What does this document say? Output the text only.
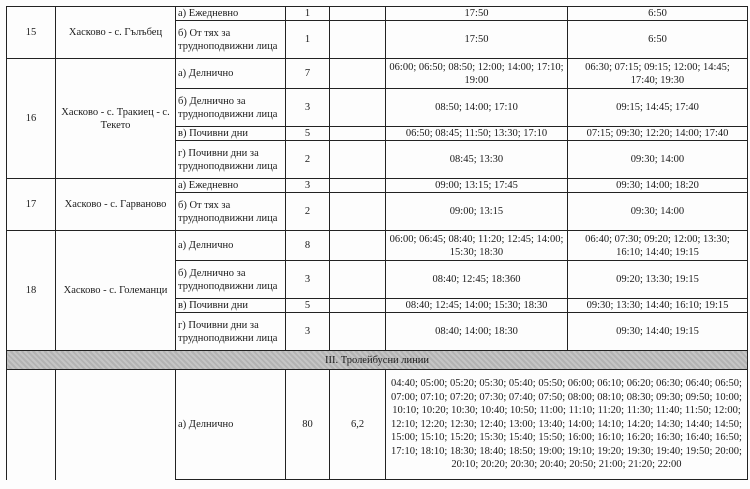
15	Хасково - с. Гълъбец	а) Ежедневно	1		17:50	6:50
		б) От тях за трудноподвижни лица	1		17:50	6:50
16	Хасково - с. Тракиец - с. Текето	а) Делнично	7		06:00; 06:50; 08:50; 12:00; 14:00; 17:10; 19:00	06:30; 07:15; 09:15; 12:00; 14:45; 17:40; 19:30
		б) Делнично за трудноподвижни лица	3		08:50; 14:00; 17:10	09:15; 14:45; 17:40
		в) Почивни дни	5		06:50; 08:45; 11:50; 13:30; 17:10	07:15; 09:30; 12:20; 14:00; 17:40
		г) Почивни дни за трудноподвижни лица	2		08:45; 13:30	09:30; 14:00
17	Хасково - с. Гарваново	а) Ежедневно	3		09:00; 13:15; 17:45	09:30; 14:00; 18:20
		б) От тях за трудноподвижни лица	2		09:00; 13:15	09:30; 14:00
18	Хасково - с. Големанци	а) Делнично	8		06:00; 06:45; 08:40; 11:20; 12:45; 14:00; 15:30; 18:30	06:40; 07:30; 09:20; 12:00; 13:30; 16:10; 14:40; 19:15
		б) Делнично за трудноподвижни лица	3		08:40; 12:45; 18:360	09:20; 13:30; 19:15
		в) Почивни дни	5		08:40; 12:45; 14:00; 15:30; 18:30	09:30; 13:30; 14:40; 16:10; 19:15
		г) Почивни дни за трудноподвижни лица	3		08:40; 14:00; 18:30	09:30; 14:40; 19:15
III. Тролейбусни линии						
		а) Делнично	80	6,2	04:40; 05:00; 05:20; 05:30; 05:40; 05:50; 06:00; 06:10; 06:20; 06:30; 06:40; 06:50; 07:00; 07:10; 07:20; 07:30; 07:40; 07:50; 08:00; 08:10; 08:30; 09:30; 09:50; 10:00; 10:10; 10:20; 10:30; 10:40; 10:50; 11:00; 11:10; 11:20; 11:30; 11:40; 11:50; 12:00; 12:10; 12:20; 12:30; 12:40; 13:00; 13:40; 14:00; 14:10; 14:20; 14:30; 14:40; 14:50; 15:00; 15:10; 15:20; 15:30; 15:40; 15:50; 16:00; 16:10; 16:20; 16:30; 16:40; 16:50; 17:10; 18:10; 18:30; 18:40; 18:50; 19:00; 19:10; 19:20; 19:30; 19:40; 19:50; 20:00; 20:10; 20:20; 20:30; 20:40; 20:50; 21:00; 21:20; 22:00	
